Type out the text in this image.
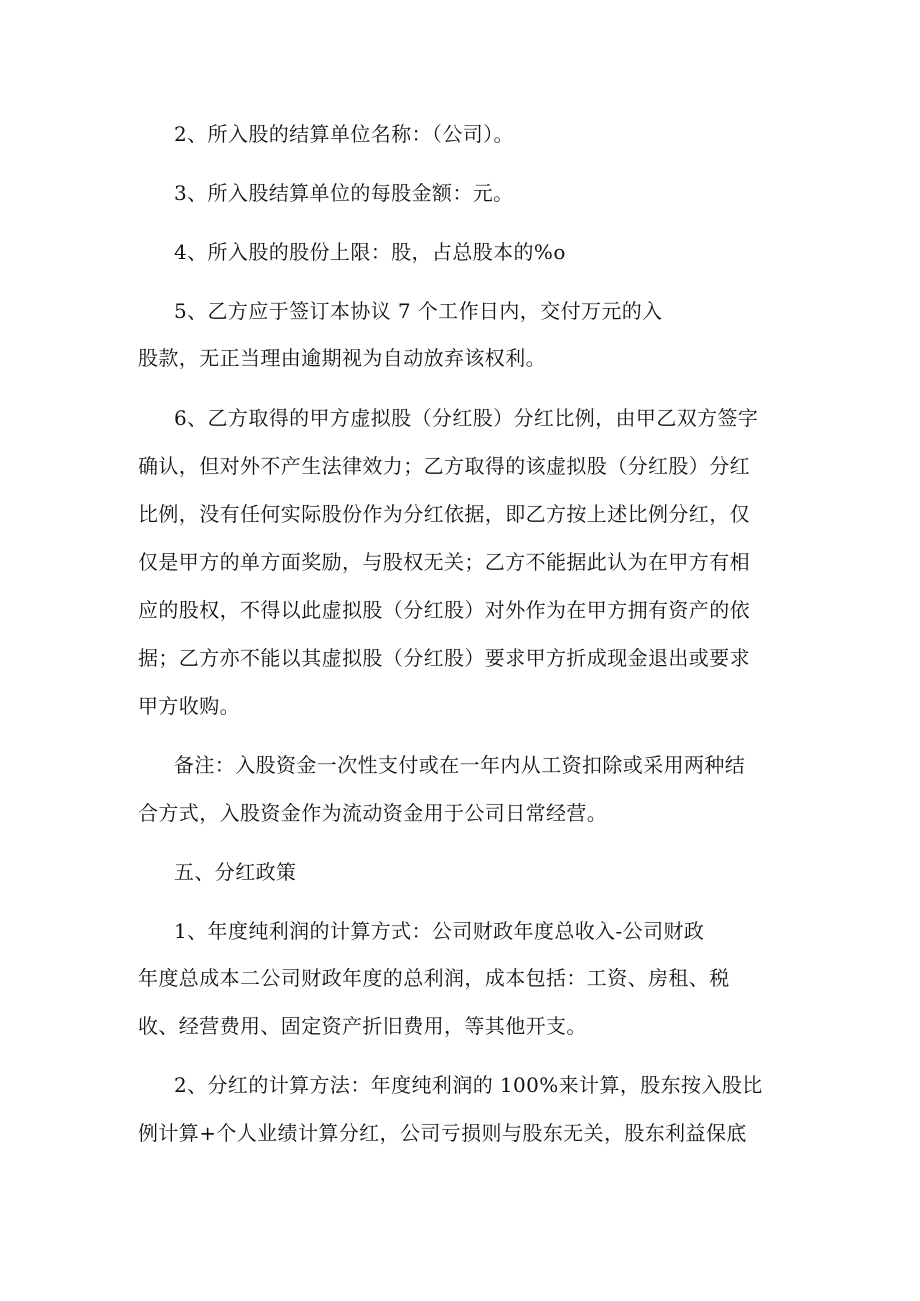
2、所入股的结算单位名称：（公司）。
3、所入股结算单位的每股金额：元。
4、所入股的股份上限：股，占总股本的%o
5、乙方应于签订本协议 7 个工作日内，交付万元的入
股款，无正当理由逾期视为自动放弃该权利。
6、乙方取得的甲方虚拟股（分红股）分红比例，由甲乙双方签字
确认，但对外不产生法律效力；乙方取得的该虚拟股（分红股）分红
比例，没有任何实际股份作为分红依据，即乙方按上述比例分红，仅
仅是甲方的单方面奖励，与股权无关；乙方不能据此认为在甲方有相
应的股权，不得以此虚拟股（分红股）对外作为在甲方拥有资产的依
据；乙方亦不能以其虚拟股（分红股）要求甲方折成现金退出或要求
甲方收购。
备注：入股资金一次性支付或在一年内从工资扣除或采用两种结
合方式，入股资金作为流动资金用于公司日常经营。
五、分红政策
1、年度纯利润的计算方式：公司财政年度总收入-公司财政
年度总成本二公司财政年度的总利润，成本包括：工资、房租、税
收、经营费用、固定资产折旧费用，等其他开支。
2、分红的计算方法：年度纯利润的 100%来计算，股东按入股比
例计算+个人业绩计算分红，公司亏损则与股东无关，股东利益保底
